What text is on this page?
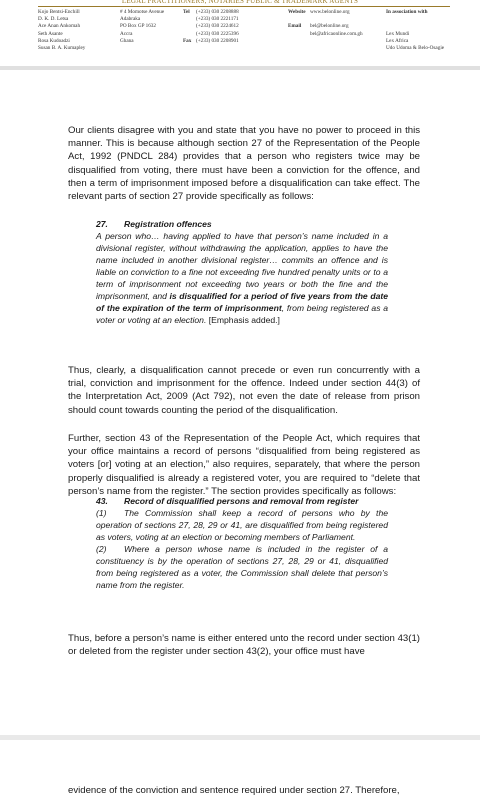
LEGAL PRACTITIONERS, NOTARIES PUBLIC & TRADEMARK AGENTS
Kojo Bentsi-Enchill
D. K. D. Letsa
Ace Anan Ankomah
Seth Asante
Rosa Kudoadzi
Susan B. A. Kumapley
# 4 Momotse Avenue
Adabraka
PO Box GP 1632
Accra
Ghana
Tel
Fax
(+233) 030 2208888
(+233) 030 2221171
(+233) 030 2224612
(+233) 030 2225396
(+233) 030 2208901
Website
Email
www.belonline.org
bel@belonline.org
bel@africaonline.com.gh
In association with
Lex Mundi
Lex Africa
Udo Udoma & Belo-Osagie

Our clients disagree with you and state that you have no power to proceed in this manner. This is because although section 27 of the Representation of the People Act, 1992 (PNDCL 284) provides that a person who registers twice may be disqualified from voting, there must have been a conviction for the offence, and then a term of imprisonment imposed before a disqualification can take effect. The relevant parts of section 27 provide specifically as follows:

27. Registration offences
A person who… having applied to have that person’s name included in a divisional register, without withdrawing the application, applies to have the name included in another divisional register… commits an offence and is liable on conviction to a fine not exceeding five hundred penalty units or to a term of imprisonment not exceeding two years or both the fine and the imprisonment, and is disqualified for a period of five years from the date of the expiration of the term of imprisonment, from being registered as a voter or voting at an election. [Emphasis added.]

Thus, clearly, a disqualification cannot precede or even run concurrently with a trial, conviction and imprisonment for the offence. Indeed under section 44(3) of the Interpretation Act, 2009 (Act 792), not even the date of release from prison should count towards counting the period of the disqualification.

Further, section 43 of the Representation of the People Act, which requires that your office maintains a record of persons “disqualified from being registered as voters [or] voting at an election,” also requires, separately, that where the person properly disqualified is already a registered voter, you are required to “delete that person’s name from the register.” The section provides specifically as follows:

43. Record of disqualified persons and removal from register

(1) The Commission shall keep a record of persons who by the operation of sections 27, 28, 29 or 41, are disqualified from being registered as voters, voting at an election or becoming members of Parliament.

(2) Where a person whose name is included in the register of a constituency is by the operation of sections 27, 28, 29 or 41, disqualified from being registered as a voter, the Commission shall delete that person’s name from the register.

Thus, before a person’s name is either entered unto the record under section 43(1) or deleted from the register under section 43(2), your office must have

evidence of the conviction and sentence required under section 27. Therefore,
